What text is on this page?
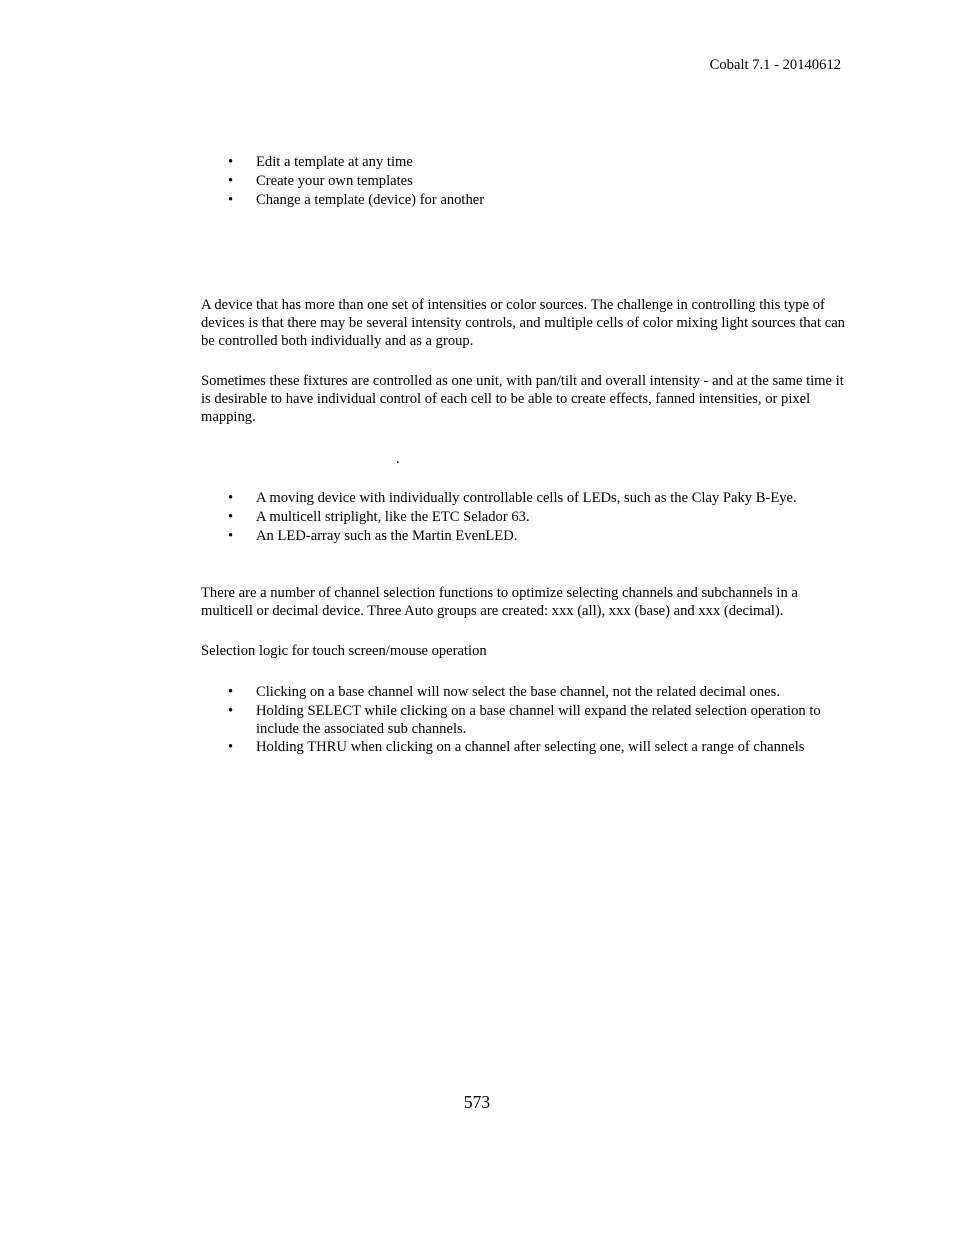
Cobalt 7.1 - 20140612
•	Edit a template at any time
•	Create your own templates
•	Change a template (device) for another

A device that has more than one set of intensities or color sources. The challenge in controlling this type of devices is that there may be several intensity controls, and multiple cells of color mixing light sources that can be controlled both individually and as a group.

Sometimes these fixtures are controlled as one unit, with pan/tilt and overall intensity - and at the same time it is desirable to have individual control of each cell to be able to create effects, fanned intensities, or pixel mapping.

.
•	A moving device with individually controllable cells of LEDs, such as the Clay Paky B-Eye.
•	A multicell striplight, like the ETC Selador 63.
•	An LED-array such as the Martin EvenLED.

There are a number of channel selection functions to optimize selecting channels and subchannels in a multicell or decimal device. Three Auto groups are created: xxx (all), xxx (base) and xxx (decimal).

Selection logic for touch screen/mouse operation

•	Clicking on a base channel will now select the base channel, not the related decimal ones.
•	Holding SELECT while clicking on a base channel will expand the related selection operation to include the associated sub channels.
•	Holding THRU when clicking on a channel after selecting one, will select a range of channels
573
